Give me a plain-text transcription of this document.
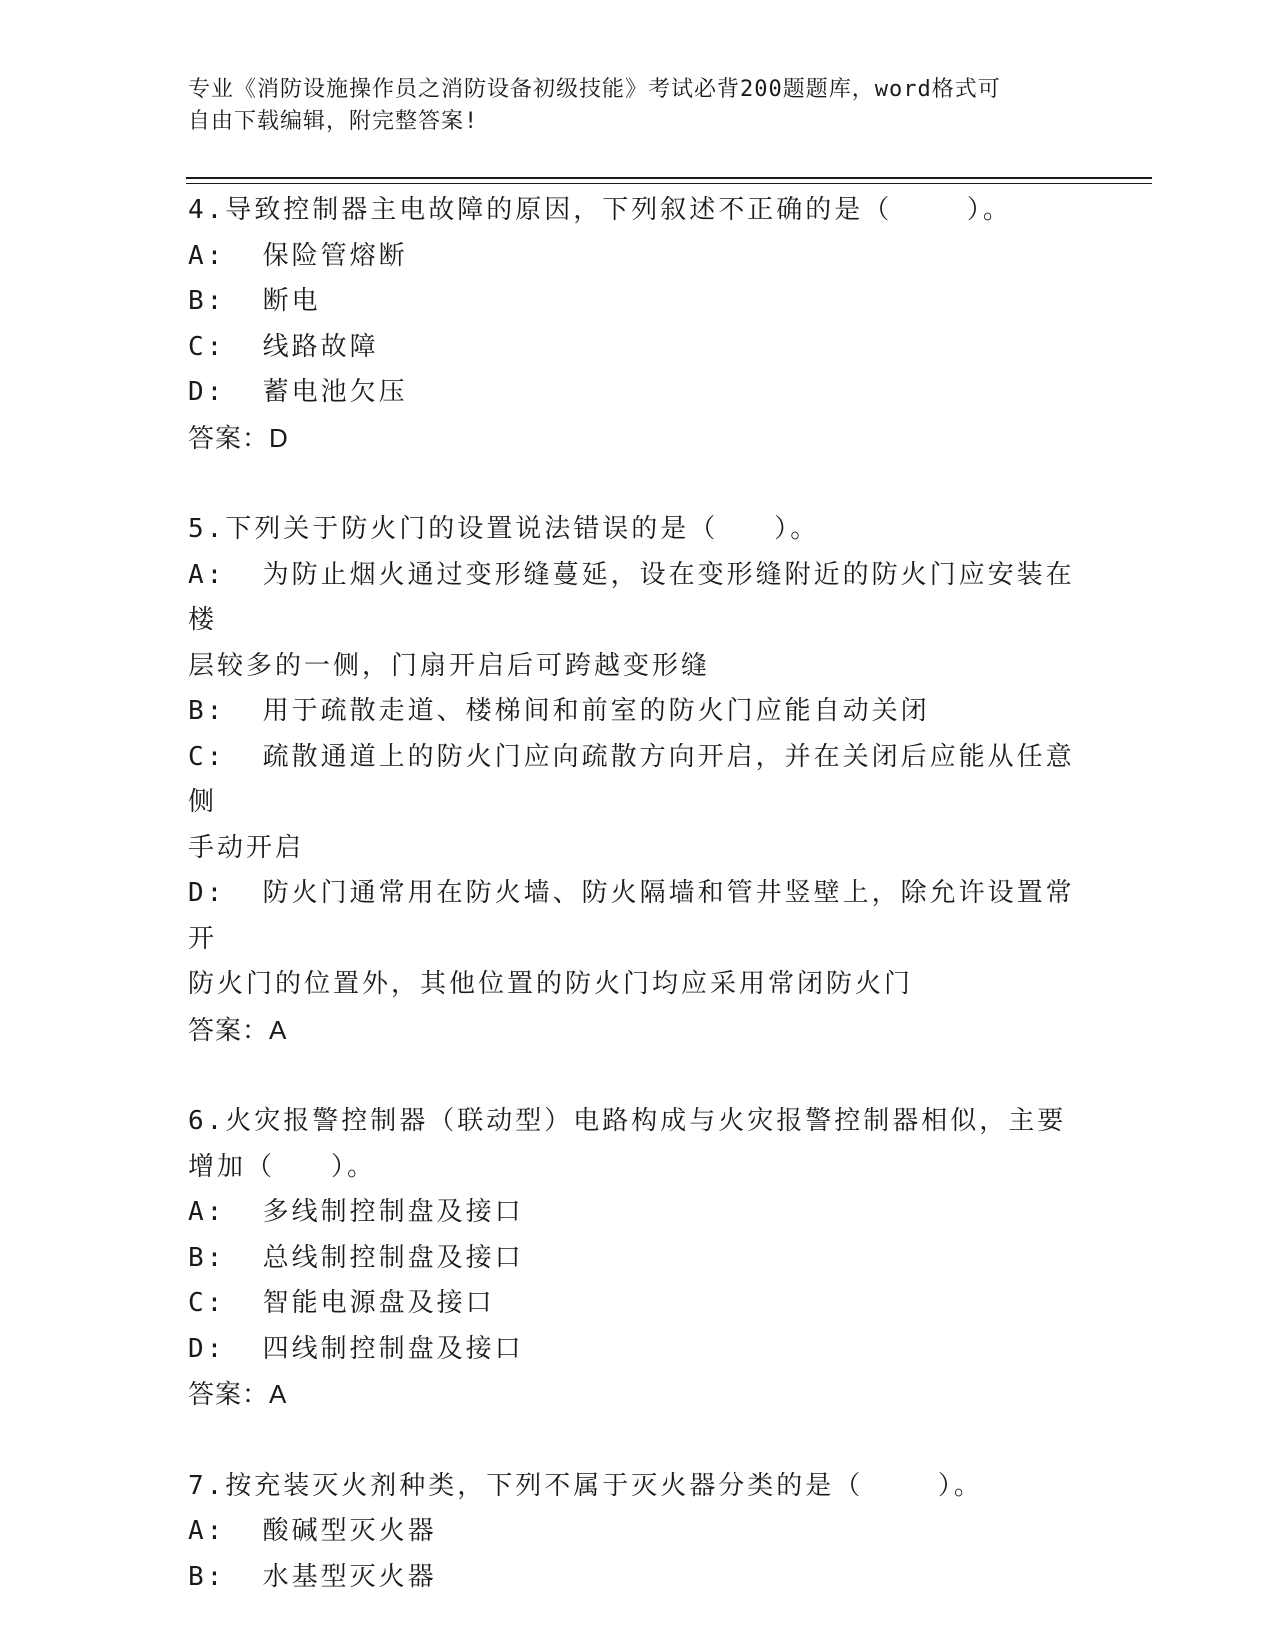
专业《消防设施操作员之消防设备初级技能》考试必背200题题库，word格式可
自由下载编辑，附完整答案!
4.导致控制器主电故障的原因，下列叙述不正确的是（    ）。
A:  保险管熔断
B:  断电
C:  线路故障
D:  蓄电池欠压
答案：D
5.下列关于防火门的设置说法错误的是（   ）。
A:  为防止烟火通过变形缝蔓延，设在变形缝附近的防火门应安装在楼
层较多的一侧，门扇开启后可跨越变形缝
B:  用于疏散走道、楼梯间和前室的防火门应能自动关闭
C:  疏散通道上的防火门应向疏散方向开启，并在关闭后应能从任意侧
手动开启
D:  防火门通常用在防火墙、防火隔墙和管井竖壁上，除允许设置常开
防火门的位置外，其他位置的防火门均应采用常闭防火门
答案：A
6.火灾报警控制器（联动型）电路构成与火灾报警控制器相似，主要
增加（   ）。
A:  多线制控制盘及接口
B:  总线制控制盘及接口
C:  智能电源盘及接口
D:  四线制控制盘及接口
答案：A
7.按充装灭火剂种类，下列不属于灭火器分类的是（    ）。
A:  酸碱型灭火器
B:  水基型灭火器
